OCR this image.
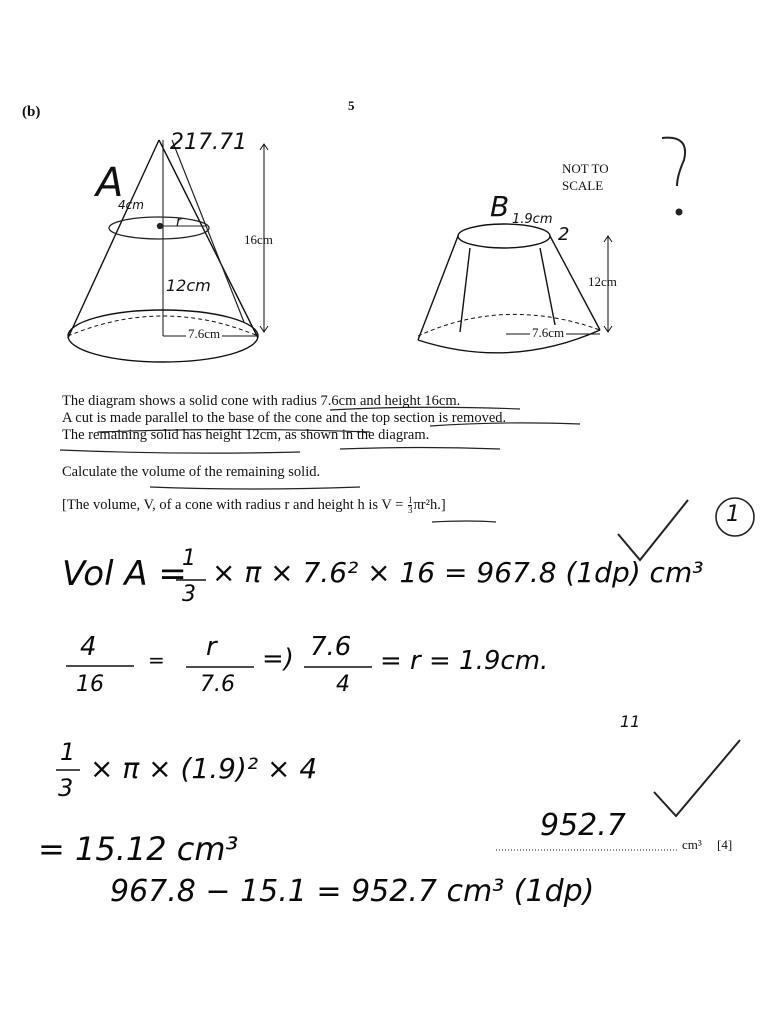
(b)	5
NOT TO
SCALE
16cm
7.6cm
12cm
7.6cm
A
217.71
4cm
r
12cm
B 1.9cm
2
The diagram shows a solid cone with radius 7.6cm and height 16cm.
A cut is made parallel to the base of the cone and the top section is removed.
The remaining solid has height 12cm, as shown in the diagram.
Calculate the volume of the remaining solid.
[The volume, V, of a cone with radius r and height h is $V = \frac{1}{3} \pi r^2h$.]	1
Vol A =
1
3
× π × 7.6² × 16 = 967.8 (1dp) cm³
4
16
= r
7.6
=) 7.6
4
= r = 1.9cm.
11
1
3
× π × (1.9)² × 4
= 15.12 cm³
952.7
cm³ [4]
967.8 − 15.1 = 952.7 cm³ (1dp)
